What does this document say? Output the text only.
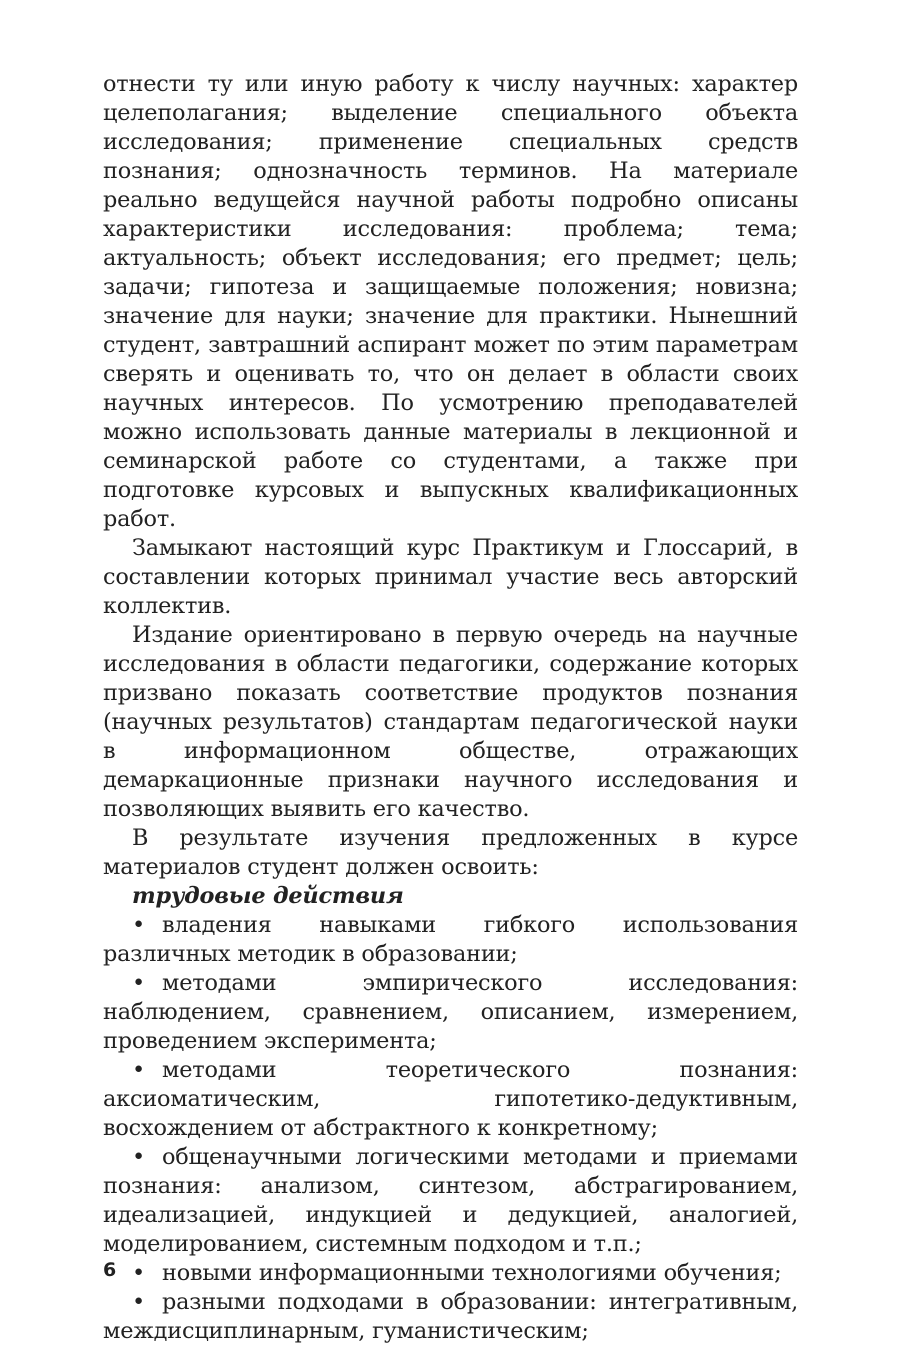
отнести ту или иную работу к числу научных: характер целеполагания; выделение специального объекта исследования; применение специальных средств познания; однозначность терминов. На материале реально ведущейся научной работы подробно описаны характеристики исследования: проблема; тема; актуальность; объект исследования; его предмет; цель; задачи; гипотеза и защищаемые положения; новизна; значение для науки; значение для практики. Нынешний студент, завтрашний аспирант может по этим параметрам сверять и оценивать то, что он делает в области своих научных интересов. По усмотрению преподавателей можно использовать данные материалы в лекционной и семинарской работе со студентами, а также при подготовке курсовых и выпускных квалификационных работ.

Замыкают настоящий курс Практикум и Глоссарий, в составлении которых принимал участие весь авторский коллектив.

Издание ориентировано в первую очередь на научные исследования в области педагогики, содержание которых призвано показать соответствие продуктов познания (научных результатов) стандартам педагогической науки в информационном обществе, отражающих демаркационные признаки научного исследования и позволяющих выявить его качество.

В результате изучения предложенных в курсе материалов студент должен освоить:

трудовые действия

• владения навыками гибкого использования различных методик в образовании;

• методами эмпирического исследования: наблюдением, сравнением, описанием, измерением, проведением эксперимента;

• методами теоретического познания: аксиоматическим, гипотетико-дедуктивным, восхождением от абстрактного к конкретному;

• общенаучными логическими методами и приемами познания: анализом, синтезом, абстрагированием, идеализацией, индукцией и дедукцией, аналогией, моделированием, системным подходом и т.п.;

• новыми информационными технологиями обучения;

• разными подходами в образовании: интегративным, междисциплинарным, гуманистическим;

6
